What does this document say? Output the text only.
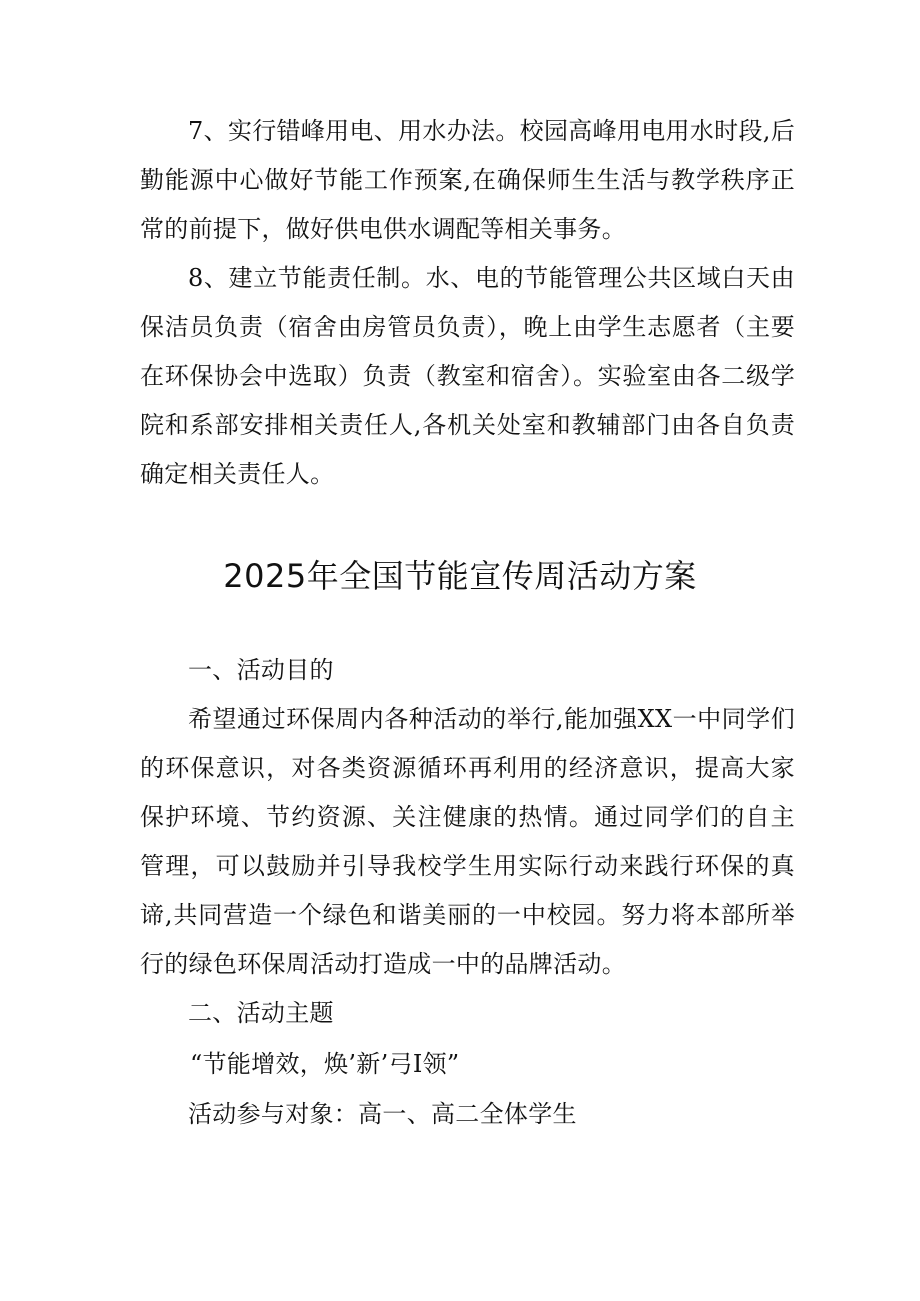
7、实行错峰用电、用水办法。校园高峰用电用水时段,后勤能源中心做好节能工作预案,在确保师生生活与教学秩序正常的前提下，做好供电供水调配等相关事务。

8、建立节能责任制。水、电的节能管理公共区域白天由保洁员负责（宿舍由房管员负责），晚上由学生志愿者（主要在环保协会中选取）负责（教室和宿舍）。实验室由各二级学院和系部安排相关责任人,各机关处室和教辅部门由各自负责确定相关责任人。

2025年全国节能宣传周活动方案

一、活动目的

希望通过环保周内各种活动的举行,能加强XX一中同学们的环保意识，对各类资源循环再利用的经济意识，提高大家保护环境、节约资源、关注健康的热情。通过同学们的自主管理，可以鼓励并引导我校学生用实际行动来践行环保的真谛,共同营造一个绿色和谐美丽的一中校园。努力将本部所举行的绿色环保周活动打造成一中的品牌活动。

二、活动主题

“节能增效，焕’新’弓I领”

活动参与对象：高一、高二全体学生
